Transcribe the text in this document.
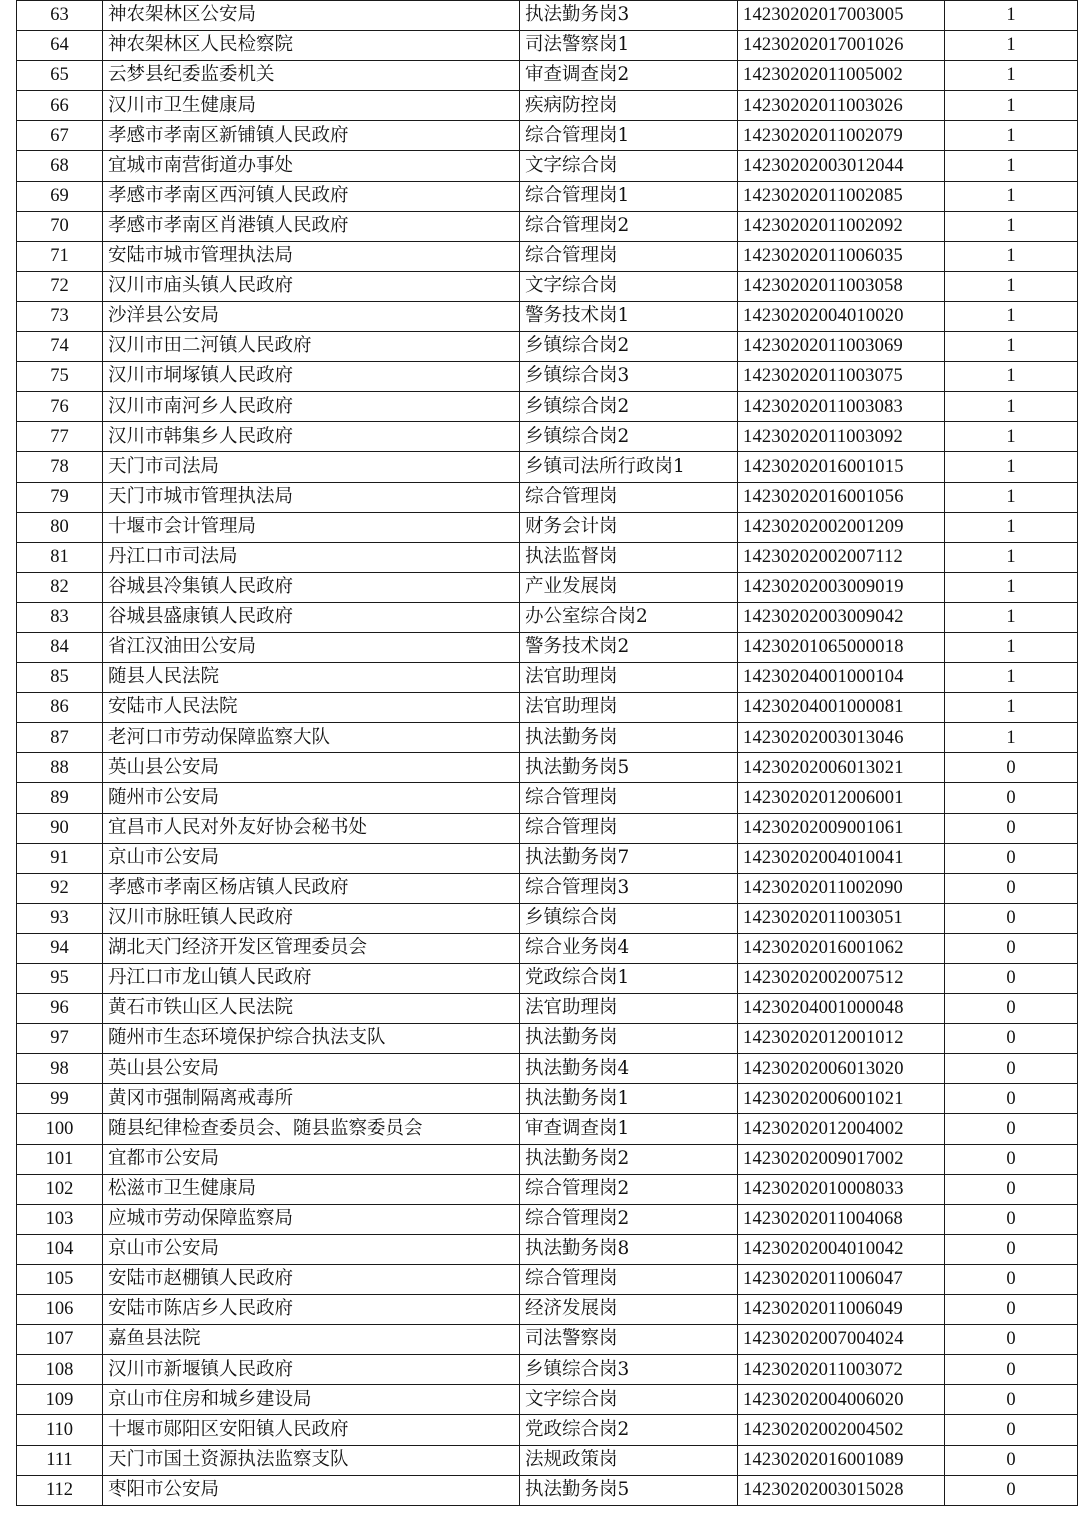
63	神农架林区公安局	执法勤务岗3	14230202017003005	1
64	神农架林区人民检察院	司法警察岗1	14230202017001026	1
65	云梦县纪委监委机关	审查调查岗2	14230202011005002	1
66	汉川市卫生健康局	疾病防控岗	14230202011003026	1
67	孝感市孝南区新铺镇人民政府	综合管理岗1	14230202011002079	1
68	宜城市南营街道办事处	文字综合岗	14230202003012044	1
69	孝感市孝南区西河镇人民政府	综合管理岗1	14230202011002085	1
70	孝感市孝南区肖港镇人民政府	综合管理岗2	14230202011002092	1
71	安陆市城市管理执法局	综合管理岗	14230202011006035	1
72	汉川市庙头镇人民政府	文字综合岗	14230202011003058	1
73	沙洋县公安局	警务技术岗1	14230202004010020	1
74	汉川市田二河镇人民政府	乡镇综合岗2	14230202011003069	1
75	汉川市垌塚镇人民政府	乡镇综合岗3	14230202011003075	1
76	汉川市南河乡人民政府	乡镇综合岗2	14230202011003083	1
77	汉川市韩集乡人民政府	乡镇综合岗2	14230202011003092	1
78	天门市司法局	乡镇司法所行政岗1	14230202016001015	1
79	天门市城市管理执法局	综合管理岗	14230202016001056	1
80	十堰市会计管理局	财务会计岗	14230202002001209	1
81	丹江口市司法局	执法监督岗	14230202002007112	1
82	谷城县冷集镇人民政府	产业发展岗	14230202003009019	1
83	谷城县盛康镇人民政府	办公室综合岗2	14230202003009042	1
84	省江汉油田公安局	警务技术岗2	14230201065000018	1
85	随县人民法院	法官助理岗	14230204001000104	1
86	安陆市人民法院	法官助理岗	14230204001000081	1
87	老河口市劳动保障监察大队	执法勤务岗	14230202003013046	1
88	英山县公安局	执法勤务岗5	14230202006013021	0
89	随州市公安局	综合管理岗	14230202012006001	0
90	宜昌市人民对外友好协会秘书处	综合管理岗	14230202009001061	0
91	京山市公安局	执法勤务岗7	14230202004010041	0
92	孝感市孝南区杨店镇人民政府	综合管理岗3	14230202011002090	0
93	汉川市脉旺镇人民政府	乡镇综合岗	14230202011003051	0
94	湖北天门经济开发区管理委员会	综合业务岗4	14230202016001062	0
95	丹江口市龙山镇人民政府	党政综合岗1	14230202002007512	0
96	黄石市铁山区人民法院	法官助理岗	14230204001000048	0
97	随州市生态环境保护综合执法支队	执法勤务岗	14230202012001012	0
98	英山县公安局	执法勤务岗4	14230202006013020	0
99	黄冈市强制隔离戒毒所	执法勤务岗1	14230202006001021	0
100	随县纪律检查委员会、随县监察委员会	审查调查岗1	14230202012004002	0
101	宜都市公安局	执法勤务岗2	14230202009017002	0
102	松滋市卫生健康局	综合管理岗2	14230202010008033	0
103	应城市劳动保障监察局	综合管理岗2	14230202011004068	0
104	京山市公安局	执法勤务岗8	14230202004010042	0
105	安陆市赵棚镇人民政府	综合管理岗	14230202011006047	0
106	安陆市陈店乡人民政府	经济发展岗	14230202011006049	0
107	嘉鱼县法院	司法警察岗	14230202007004024	0
108	汉川市新堰镇人民政府	乡镇综合岗3	14230202011003072	0
109	京山市住房和城乡建设局	文字综合岗	14230202004006020	0
110	十堰市郧阳区安阳镇人民政府	党政综合岗2	14230202002004502	0
111	天门市国土资源执法监察支队	法规政策岗	14230202016001089	0
112	枣阳市公安局	执法勤务岗5	14230202003015028	0
